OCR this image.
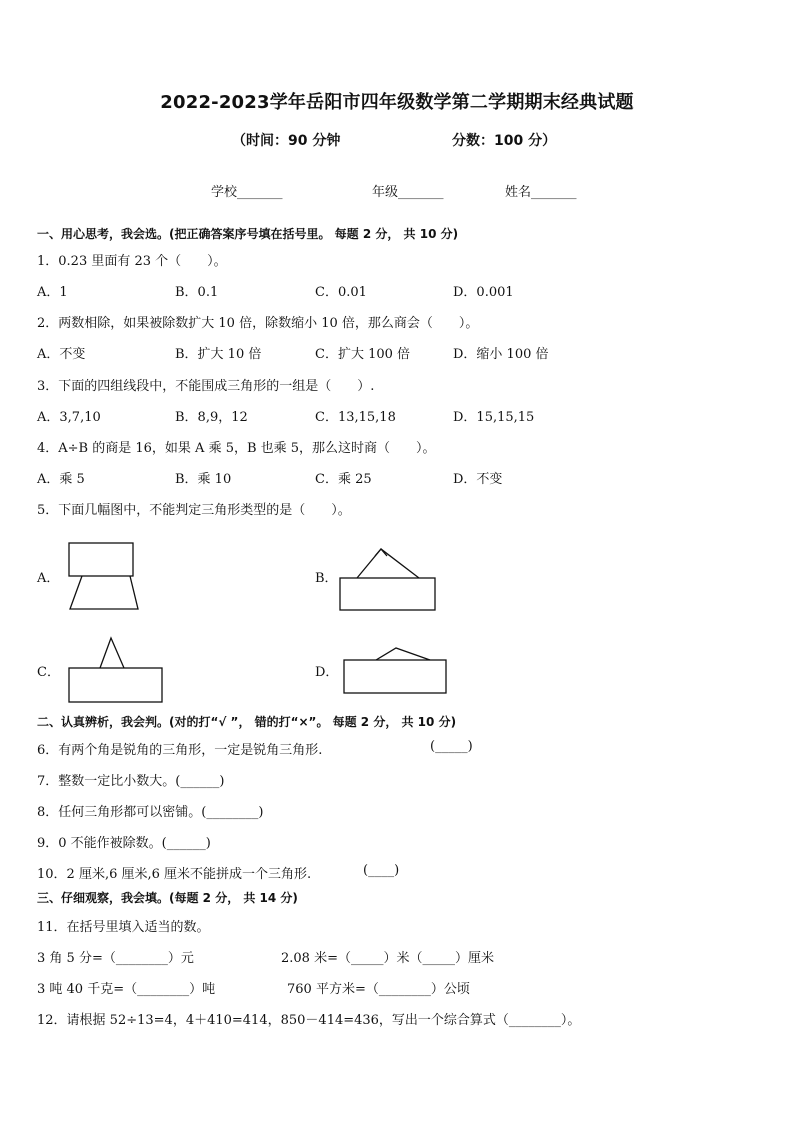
2022-2023学年岳阳市四年级数学第二学期期末经典试题
（时间：90 分钟	分数：100 分）
学校_______	年级_______	姓名_______
一、用心思考，我会选。(把正确答案序号填在括号里。 每题 2 分， 共 10 分)
1．0.23 里面有 23 个（　　）。
A．1	B．0.1	C．0.01	D．0.001
2．两数相除，如果被除数扩大 10 倍，除数缩小 10 倍，那么商会（　　）。
A．不变	B．扩大 10 倍	C．扩大 100 倍	D．缩小 100 倍
3．下面的四组线段中，不能围成三角形的一组是（　　）.
A．3,7,10	B．8,9，12	C．13,15,18	D．15,15,15
4．A÷B 的商是 16，如果 A 乘 5，B 也乘 5，那么这时商（　　）。
A．乘 5	B．乘 10	C．乘 25	D．不变
5．下面几幅图中，不能判定三角形类型的是（　　）。
A．	B．
C．	D．
二、认真辨析，我会判。(对的打“√ ”， 错的打“×”。 每题 2 分， 共 10 分)
6．有两个角是锐角的三角形，一定是锐角三角形.	(_____)
7．整数一定比小数大。(______)
8．任何三角形都可以密铺。(________)
9．0 不能作被除数。(______)
10．2 厘米,6 厘米,6 厘米不能拼成一个三角形.	(____)
三、仔细观察，我会填。(每题 2 分， 共 14 分)
11．在括号里填入适当的数。
3 角 5 分=（________）元	2.08 米=（_____）米（_____）厘米
3 吨 40 千克=（________）吨	760 平方米=（________）公顷
12．请根据 52÷13=4，4＋410=414，850－414=436，写出一个综合算式（________）。
